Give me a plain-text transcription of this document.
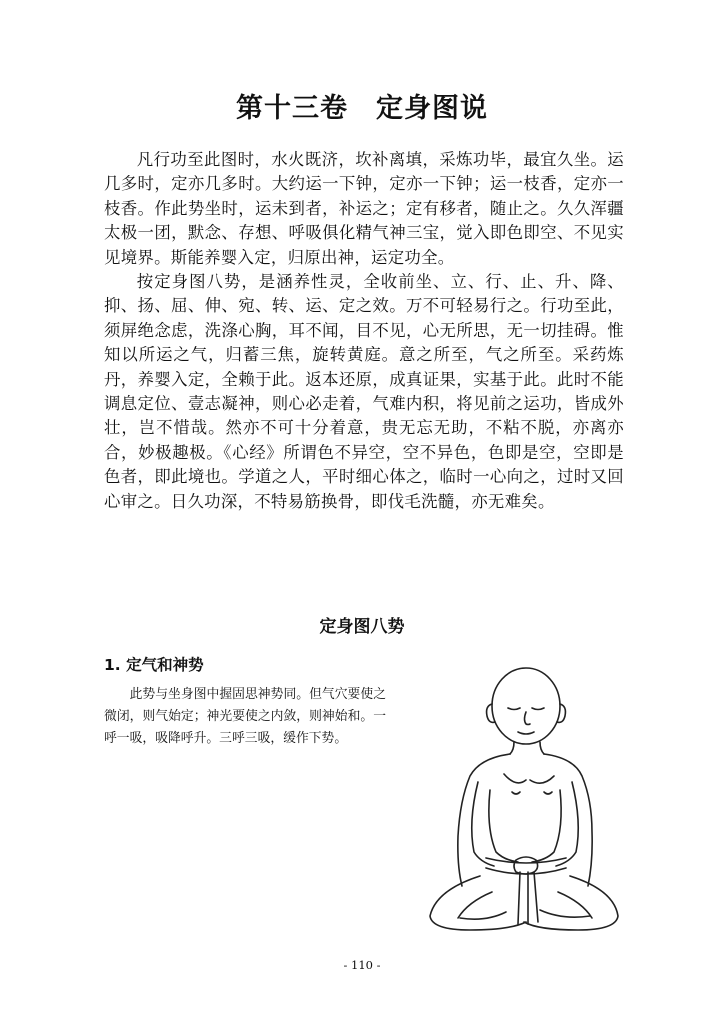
第十三卷　定身图说

凡行功至此图时，水火既济，坎补离填，采炼功毕，最宜久坐。运几多时，定亦几多时。大约运一下钟，定亦一下钟；运一枝香，定亦一枝香。作此势坐时，运未到者，补运之；定有移者，随止之。久久浑疆太极一团，默念、存想、呼吸俱化精气神三宝，觉入即色即空、不见实见境界。斯能养婴入定，归原出神，运定功全。

按定身图八势，是涵养性灵，全收前坐、立、行、止、升、降、抑、扬、屈、伸、宛、转、运、定之效。万不可轻易行之。行功至此，须屏绝念虑，洗涤心胸，耳不闻，目不见，心无所思，无一切挂碍。惟知以所运之气，归蓄三焦，旋转黄庭。意之所至，气之所至。采药炼丹，养婴入定，全赖于此。返本还原，成真证果，实基于此。此时不能调息定位、壹志凝神，则心必走着，气难内积，将见前之运功，皆成外壮，岂不惜哉。然亦不可十分着意，贵无忘无助，不粘不脱，亦离亦合，妙极趣极。《心经》所谓色不异空，空不异色，色即是空，空即是色者，即此境也。学道之人，平时细心体之，临时一心向之，过时又回心审之。日久功深，不特易筋换骨，即伐毛洗髓，亦无难矣。

定身图八势
1. 定气和神势

此势与坐身图中握固思神势同。但气穴要使之微闭，则气始定；神光要使之内敛，则神始和。一呼一吸，吸降呼升。三呼三吸，缓作下势。

- 110 -
